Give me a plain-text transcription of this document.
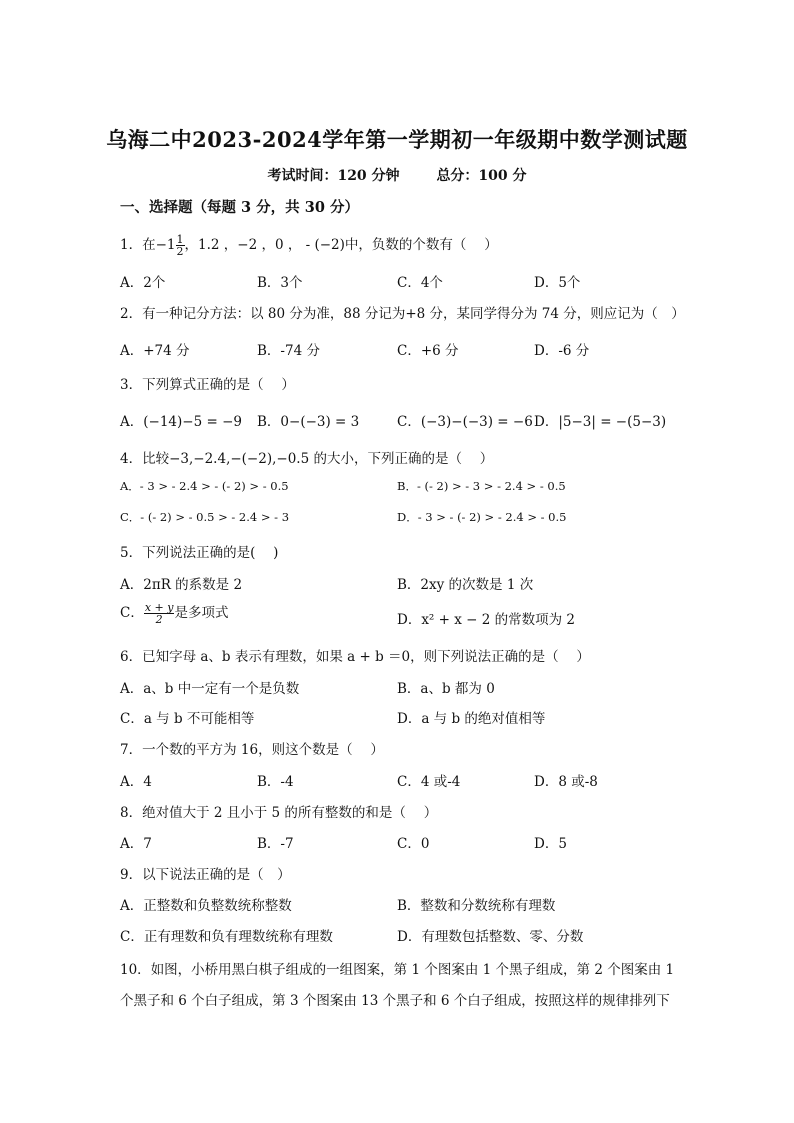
乌海二中2023-2024学年第一学期初一年级期中数学测试题
考试时间：120 分钟	总分：100 分
一、选择题（每题 3 分，共 30 分）
1．在$-1 \frac{1}{2}$ ，1.2 ，−2 ，0 ， - (−2)中，负数的个数有（　 ）
A．2个	B．3个	C．4个	D．5个
2．有一种记分方法：以 80 分为准，88 分记为+8 分，某同学得分为 74 分，则应记为（　）
A．+74 分	B．-74 分	C．+6 分	D．-6 分
3．下列算式正确的是（　 ）
A．(−14)−5 = −9 B．0−(−3) = 3	C．(−3)−(−3) = −6 D．|5−3| = −(5−3)
4．比较−3,−2.4,−(−2),−0.5 的大小，下列正确的是（　 ）
A．- 3 > - 2.4 > - (- 2) > - 0.5	B．- (- 2) > - 3 > - 2.4 > - 0.5
C．- (- 2) > - 0.5 > - 2.4 > - 3	D．- 3 > - (- 2) > - 2.4 > - 0.5
5．下列说法正确的是(　 )
A．2πR 的系数是 2	B．2xy 的次数是 1 次
C． $\frac{x + y}{2}$ 是多项式	D．x² + x − 2 的常数项为 2
6．已知字母 a、b 表示有理数，如果 a + b ＝0，则下列说法正确的是（　 ）
A．a、b 中一定有一个是负数	B．a、b 都为 0
C．a 与 b 不可能相等	D．a 与 b 的绝对值相等
7．一个数的平方为 16，则这个数是（　 ）
A．4	B．-4	C．4 或-4	D．8 或-8
8．绝对值大于 2 且小于 5 的所有整数的和是（　 ）
A．7	B．-7	C．0	D．5
9．以下说法正确的是（　）
A．正整数和负整数统称整数	B．整数和分数统称有理数
C．正有理数和负有理数统称有理数	D．有理数包括整数、零、分数
10．如图，小桥用黑白棋子组成的一组图案，第 1 个图案由 1 个黑子组成，第 2 个图案由 1
个黑子和 6 个白子组成，第 3 个图案由 13 个黑子和 6 个白子组成，按照这样的规律排列下
